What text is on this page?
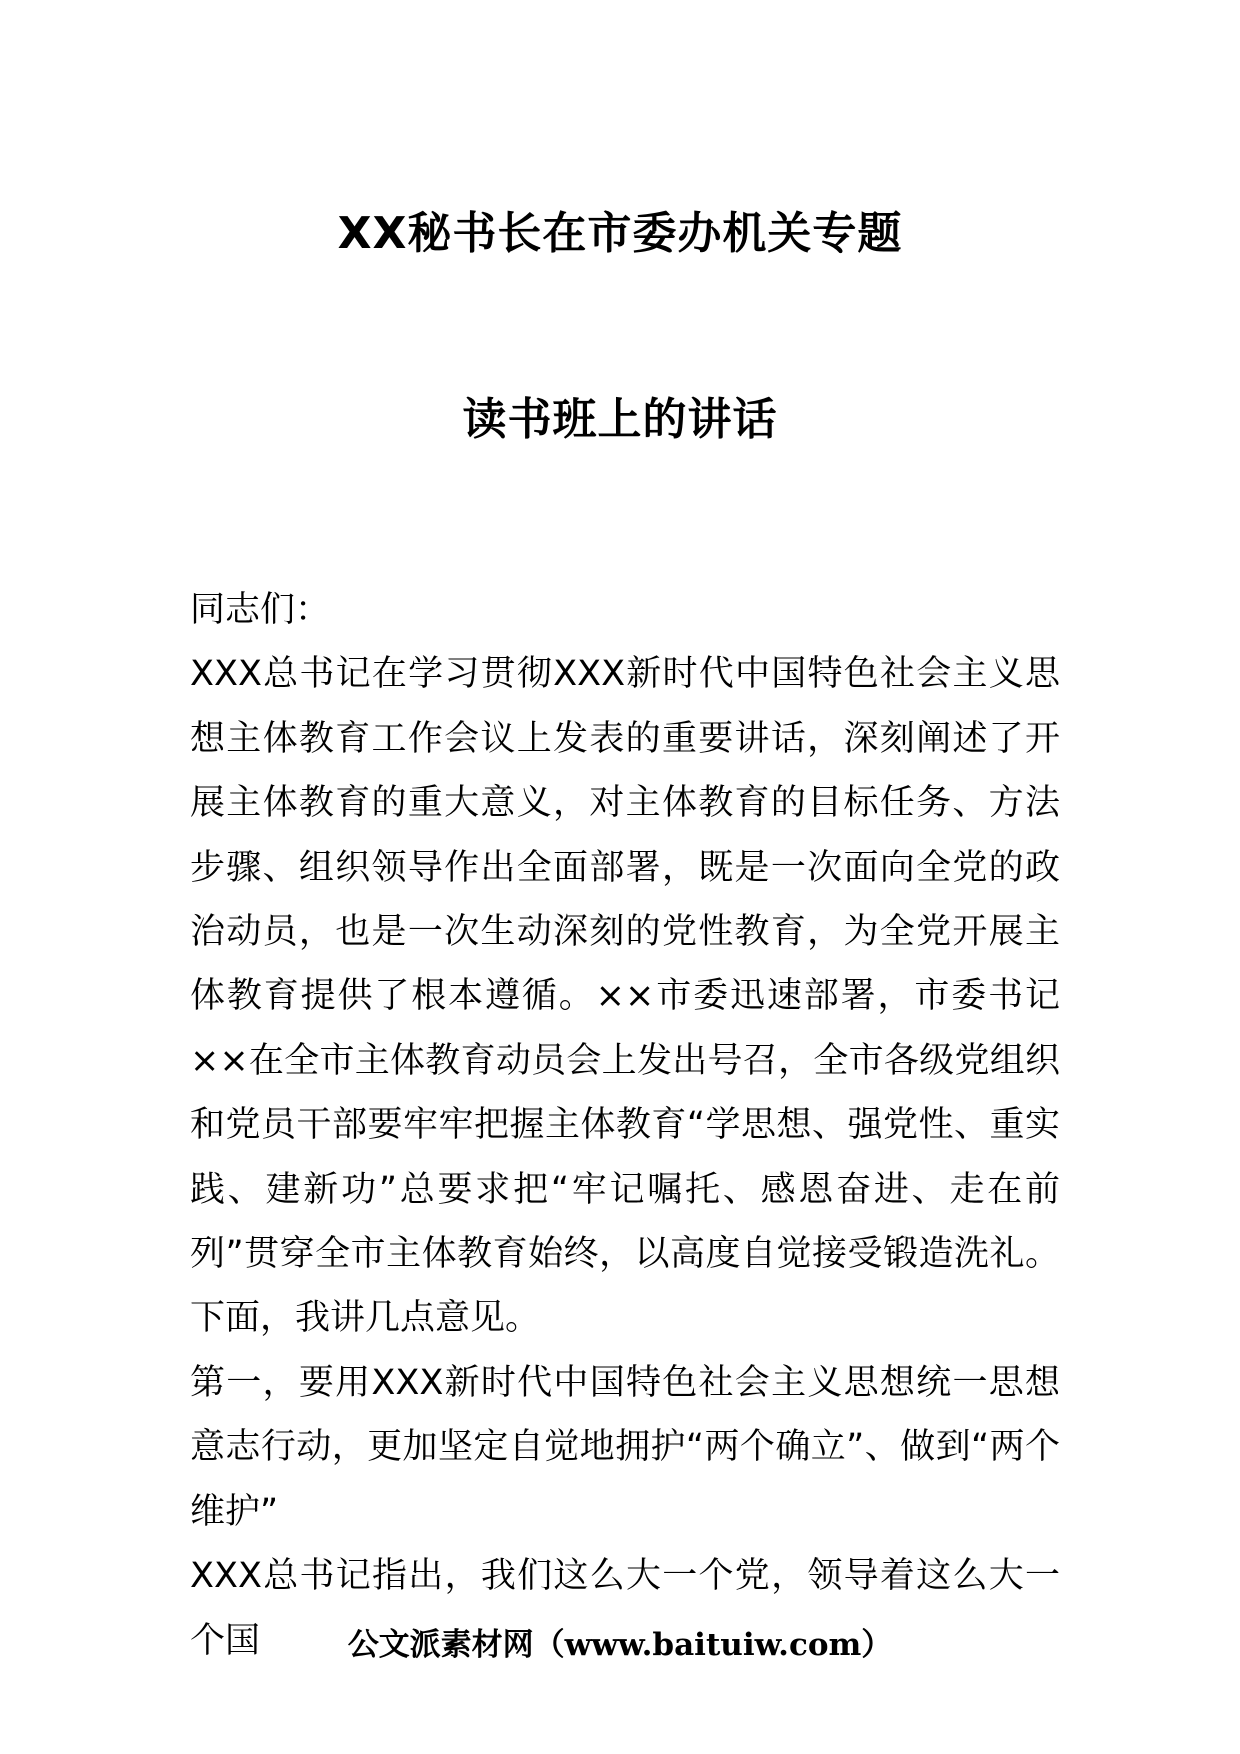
XX秘书长在市委办机关专题
读书班上的讲话

同志们：

XXX总书记在学习贯彻XXX新时代中国特色社会主义思想主体教育工作会议上发表的重要讲话，深刻阐述了开展主体教育的重大意义，对主体教育的目标任务、方法步骤、组织领导作出全面部署，既是一次面向全党的政治动员，也是一次生动深刻的党性教育，为全党开展主体教育提供了根本遵循。××市委迅速部署，市委书记××在全市主体教育动员会上发出号召，全市各级党组织和党员干部要牢牢把握主体教育“学思想、强党性、重实践、建新功”总要求把“牢记嘱托、感恩奋进、走在前列”贯穿全市主体教育始终，以高度自觉接受锻造洗礼。下面，我讲几点意见。

第一，要用XXX新时代中国特色社会主义思想统一思想意志行动，更加坚定自觉地拥护“两个确立”、做到“两个维护”

XXX总书记指出，我们这么大一个党，领导着这么大一个国	公文派素材网（www.baituiw.com）
